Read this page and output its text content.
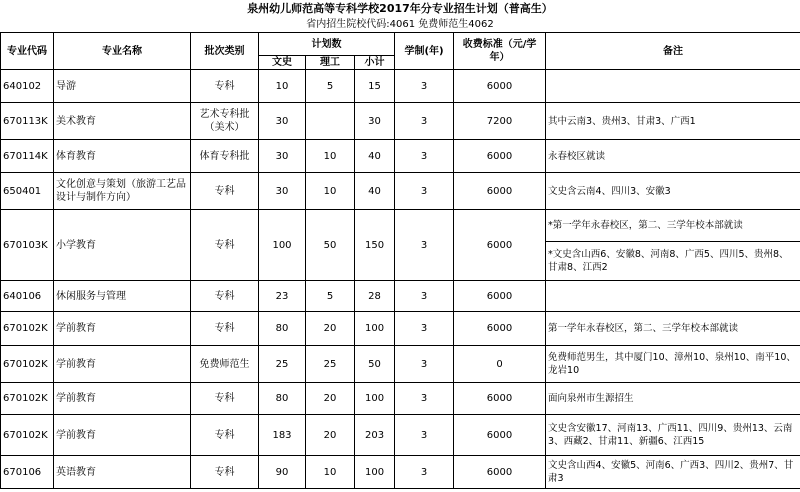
泉州幼儿师范高等专科学校2017年分专业招生计划（普高生）
省内招生院校代码:4061 免费师范生4062
专业代码	专业名称	批次类别	计划数			学制(年)	收费标准（元/学年）	备注
			文史	理工	小计			
640102	导游	专科	10	5	15	3	6000	
670113K	美术教育	艺术专科批（美术）	30		30	3	7200	其中云南3、贵州3、甘肃3、广西1
670114K	体育教育	体育专科批	30	10	40	3	6000	永春校区就读
650401	文化创意与策划（旅游工艺品设计与制作方向）	专科	30	10	40	3	6000	文史含云南4、四川3、安徽3
670103K	小学教育	专科	100	50	150	3	6000	*第一学年永春校区，第二、三学年校本部就读
								*文史含山西6、安徽8、河南8、广西5、四川5、贵州8、甘肃8、江西2
640106	休闲服务与管理	专科	23	5	28	3	6000	
670102K	学前教育	专科	80	20	100	3	6000	第一学年永春校区，第二、三学年校本部就读
670102K	学前教育	免费师范生	25	25	50	3	0	免费师范男生，其中厦门10、漳州10、泉州10、南平10、龙岩10
670102K	学前教育	专科	80	20	100	3	6000	面向泉州市生源招生
670102K	学前教育	专科	183	20	203	3	6000	文史含安徽17、河南13、广西11、四川9、贵州13、云南3、西藏2、甘肃11、新疆6、江西15
670106	英语教育	专科	90	10	100	3	6000	文史含山西4、安徽5、河南6、广西3、四川2、贵州7、甘肃3
